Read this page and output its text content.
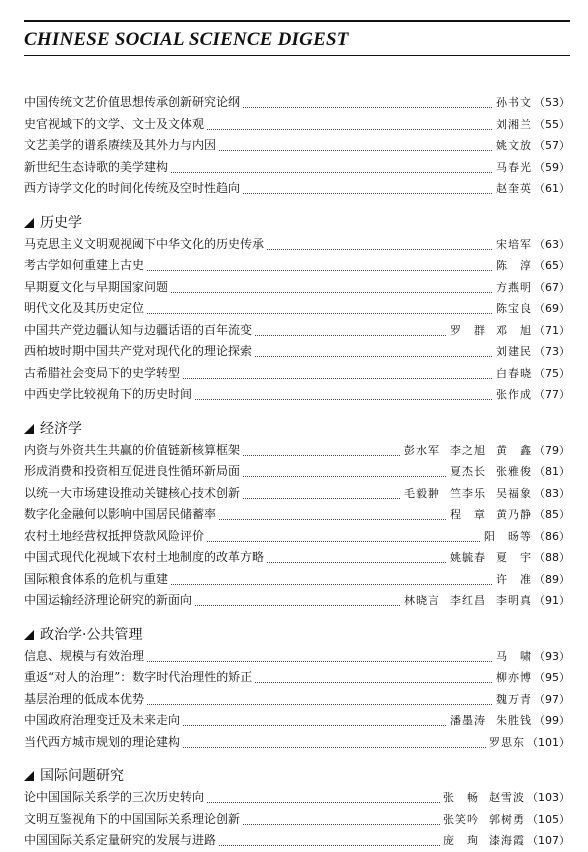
CHINESE SOCIAL SCIENCE DIGEST
中国传统文艺价值思想传承创新研究论纲	孙书文 （53）
史官视域下的文学、文士及文体观	刘湘兰 （55）
文艺美学的谱系赓续及其外力与内因	姚文放 （57）
新世纪生态诗歌的美学建构	马春光 （59）
西方诗学文化的时间化传统及空时性趋向	赵奎英 （61）
历史学
马克思主义文明观视阈下中华文化的历史传承	宋培军 （63）
考古学如何重建上古史	陈　淳 （65）
早期夏文化与早期国家问题	方燕明 （67）
明代文化及其历史定位	陈宝良 （69）
中国共产党边疆认知与边疆话语的百年流变	罗　群 邓　旭 （71）
西柏坡时期中国共产党对现代化的理论探索	刘建民 （73）
古希腊社会变局下的史学转型	白春晓 （75）
中西史学比较视角下的历史时间	张作成 （77）
经济学
内资与外资共生共赢的价值链新核算框架	彭水军 李之旭 黄　鑫 （79）
形成消费和投资相互促进良性循环新局面	夏杰长 张雅俊 （81）
以统一大市场建设推动关键核心技术创新	毛毅翀 竺李乐 吴福象 （83）
数字化金融何以影响中国居民储蓄率	程　章 黄乃静 （85）
农村土地经营权抵押贷款风险评价	阳　旸等 （86）
中国式现代化视域下农村土地制度的改革方略	姚毓春 夏　宇 （88）
国际粮食体系的危机与重建	许　准 （89）
中国运输经济理论研究的新面向	林晓言 李红昌 李明真 （91）
政治学·公共管理
信息、规模与有效治理	马　啸 （93）
重返“对人的治理”：数字时代治理性的矫正	柳亦博 （95）
基层治理的低成本优势	魏万青 （97）
中国政府治理变迁及未来走向	潘墨涛 朱胜钱 （99）
当代西方城市规划的理论建构	罗思东 （101）
国际问题研究
论中国国际关系学的三次历史转向	张　畅 赵雪波 （103）
文明互鉴视角下的中国国际关系理论创新	张笑吟 郭树勇 （105）
中国国际关系定量研究的发展与进路	庞　珣 漆海霞 （107）
